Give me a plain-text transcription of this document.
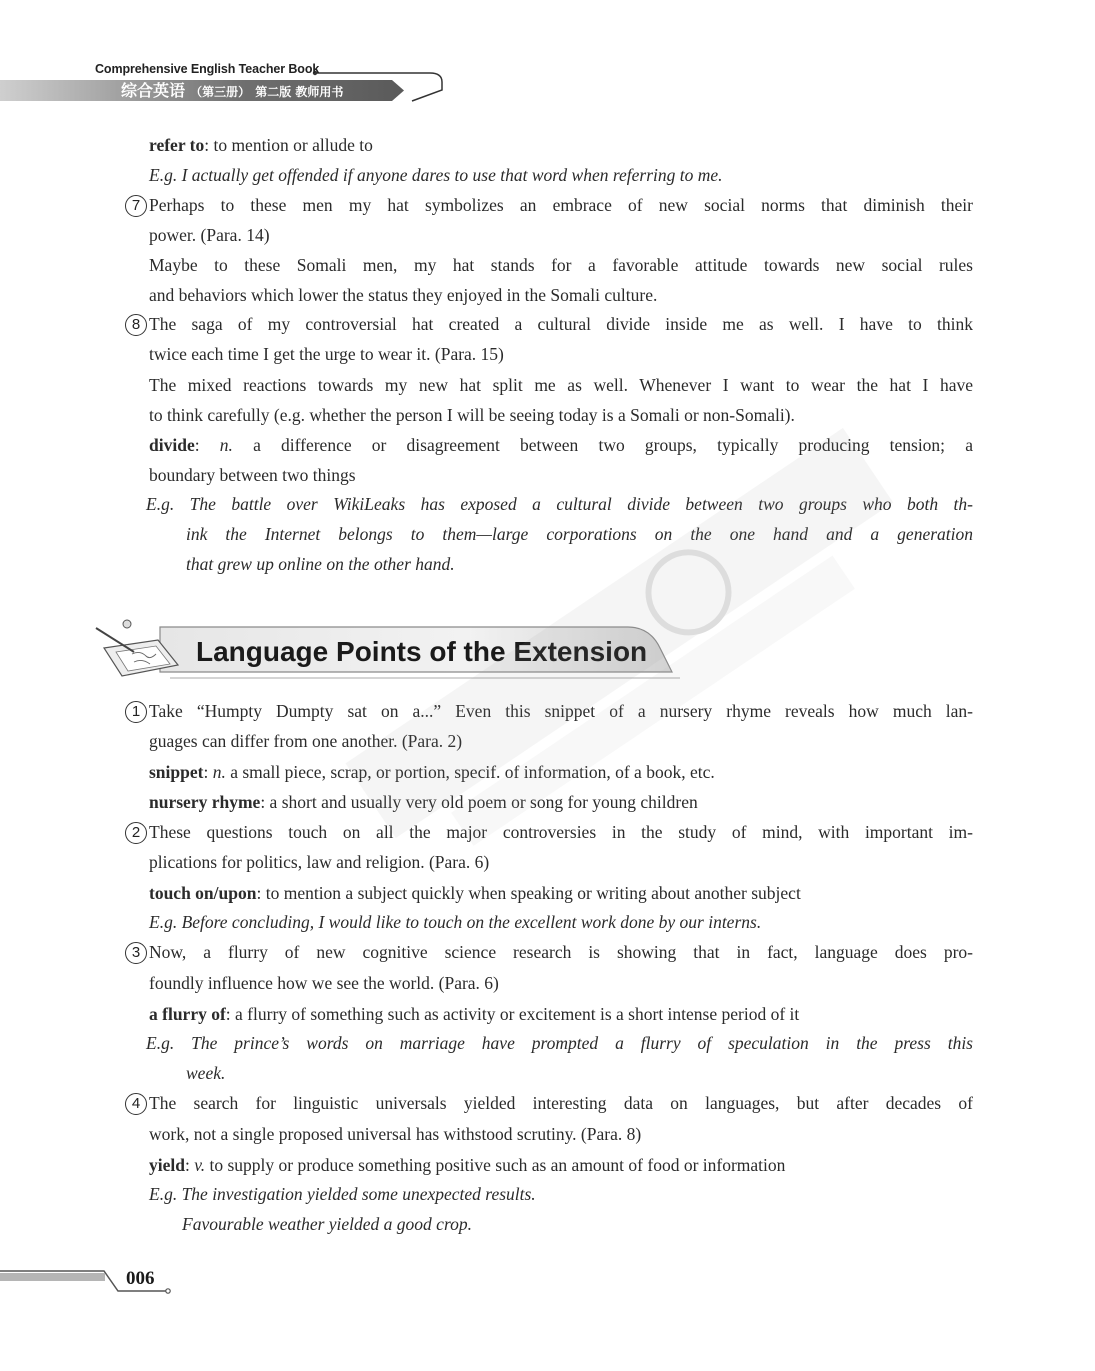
Comprehensive English Teacher Book
综合英语 （第三册） 第二版 教师用书
Language Points of the Extension
refer to: to mention or allude to
E.g. I actually get offended if anyone dares to use that word when referring to me.
7 Perhaps to these men my hat symbolizes an embrace of new social norms that diminish their
power. (Para. 14)
Maybe to these Somali men, my hat stands for a favorable attitude towards new social rules
and behaviors which lower the status they enjoyed in the Somali culture.
8 The saga of my controversial hat created a cultural divide inside me as well. I have to think
twice each time I get the urge to wear it. (Para. 15)
The mixed reactions towards my new hat split me as well. Whenever I want to wear the hat I have
to think carefully (e.g. whether the person I will be seeing today is a Somali or non-Somali).
divide: n. a difference or disagreement between two groups, typically producing tension; a
boundary between two things
E.g. The battle over WikiLeaks has exposed a cultural divide between two groups who both th-
ink the Internet belongs to them—large corporations on the one hand and a generation
that grew up online on the other hand.
1 Take “Humpty Dumpty sat on a...” Even this snippet of a nursery rhyme reveals how much lan-
guages can differ from one another. (Para. 2)
snippet: n. a small piece, scrap, or portion, specif. of information, of a book, etc.
nursery rhyme: a short and usually very old poem or song for young children
2 These questions touch on all the major controversies in the study of mind, with important im-
plications for politics, law and religion. (Para. 6)
touch on/upon: to mention a subject quickly when speaking or writing about another subject
E.g. Before concluding, I would like to touch on the excellent work done by our interns.
3 Now, a flurry of new cognitive science research is showing that in fact, language does pro-
foundly influence how we see the world. (Para. 6)
a flurry of: a flurry of something such as activity or excitement is a short intense period of it
E.g. The prince’s words on marriage have prompted a flurry of speculation in the press this
week.
4 The search for linguistic universals yielded interesting data on languages, but after decades of
work, not a single proposed universal has withstood scrutiny. (Para. 8)
yield: v. to supply or produce something positive such as an amount of food or information
E.g. The investigation yielded some unexpected results.
Favourable weather yielded a good crop.
006
